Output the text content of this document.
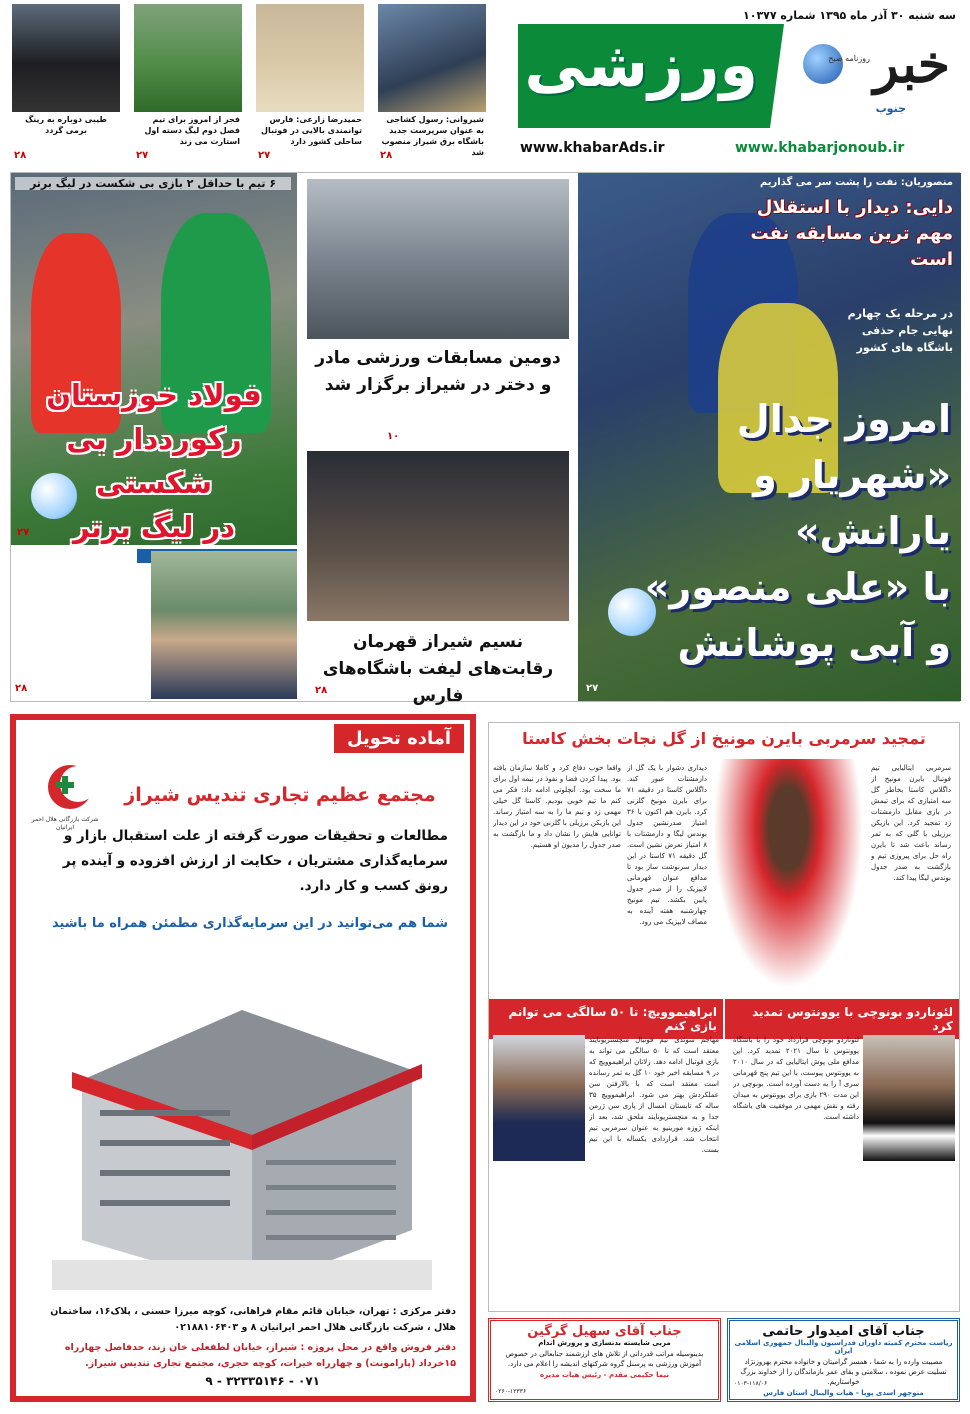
سه شنبه ۳۰ آذر ماه ۱۳۹۵ شماره ۱۰۳۷۷
خبر
روزنامه صبح
جنوب
ورزشی
www.khabarjonoub.ir
www.khabarAds.ir
شیروانی: رسول کشاجی به عنوان سرپرست جدید باشگاه برق شیراز منصوب شد
۲۸
حمیدرضا زارعی: فارس توانمندی بالایی در فوتبال ساحلی کشور دارد
۲۷
فجر از امروز برای تیم فصل دوم لیگ دسته اول استارت می زند
۲۷
طیبی دوباره به رینگ برمی گردد
۲۸
منصوریان: نفت را پشت سر می گذاریم
دایی: دیدار با استقلال مهم ترین مسابقه نفت است
در مرحله یک چهارم نهایی جام حذفی باشگاه های کشور
امروز جدال
«شهریار و یارانش»
با «علی منصور»
و آبی پوشانش
۲۷
دومین مسابقات ورزشی مادر و دختر در شیراز برگزار شد
۱۰
نسیم شیراز قهرمان رقابت‌های لیفت باشگاه‌های فارس
۲۸
۶ تیم با حداقل ۲ بازی بی شکست در لیگ برتر
فولاد خوزستان
رکورددار بی شکستی
در لیگ برتر
۲۷
۲۸
آماده تحویل
شرکت بازرگانی هلال احمر ایرانیان
مجتمع عظیم تجاری تندیس شیراز
مطالعات و تحقیقات صورت گرفته از علت استقبال بازار و سرمایه‌گذاری مشتریان ، حکایت از ارزش افزوده و آینده پر رونق کسب و کار دارد.
شما هم می‌توانید در این سرمایه‌گذاری مطمئن همراه ما باشید
دفتر مرکزی : تهران، خیابان قائم مقام فراهانی، کوچه میرزا حسنی ، پلاک۱۶، ساختمان هلال ، شرکت بازرگانی هلال احمر ایرانیان ۸ و ۰۲۱۸۸۱۰۶۴۰۳
دفتر فروش واقع در محل پروژه : شیراز، خیابان لطفعلی خان زند، حدفاصل چهارراه ۱۵خرداد (پارامونت) و چهارراه خیرات، کوچه حجری، مجتمع تجاری تندیس شیراز.
۰۷۱ - ۳۲۳۳۵۱۴۶ - ۹
تمجید سرمربی بایرن مونیخ از گل نجات بخش کاستا
سرمربی ایتالیایی تیم فوتبال بایرن مونیخ از داگلاس کاستا بخاطر گل سه امتیازی که برای تیمش در بازی مقابل دارمشتات زد تمجید کرد. این بازیکن برزیلی با گلی که به ثمر رساند باعث شد تا بایرن راه حل برای پیروزی تیم و بازگشت به صدر جدول بوندس لیگا پیدا کند.
دیداری دشوار با یک گل از دارمشتات عبور کند. داگلاس کاستا در دقیقه ۷۱ برای بایرن مونیخ گلزنی کرد. بایرن هم اکنون با ۳۶ امتیاز صدرنشین جدول بوندس لیگا و دارمشتات با ۸ امتیاز تعرض نشین است. گل دقیقه ۷۱ کاستا در این دیدار سرنوشت ساز بود تا مدافع عنوان قهرمانی لایپزیک را از صدر جدول پایین بکشد. تیم مونیخ چهارشنبه هفته آینده به مصاف لایپزیک می رود.
واقعا خوب دفاع کرد و کاملا سازمان یافته بود. پیدا کردن فضا و نفوذ در نیمه اول برای ما سخت بود. آنچلوتی ادامه داد: فکر می کنم ما تیم خوبی بودیم. کاستا گل خیلی مهمی زد و تیم ما را به سه امتیاز رساند. این بازیکن برزیلی با گلزنی خود در این دیدار توانایی هایش را نشان داد و ما بازگشت به صدر جدول را مدیون او هستیم.
لئوناردو بونوچی با یوونتوس تمدید کرد
لئوناردو بونوچی قرارداد خود را با باشگاه یوونتوس تا سال ۲۰۲۱ تمدید کرد. این مدافع ملی پوش ایتالیایی که در سال ۲۰۱۰ به یوونتوس پیوست، با این تیم پنج قهرمانی سری آ را به دست آورده است. بونوچی در این مدت ۲۹۰ بازی برای یوونتوس به میدان رفته و نقش مهمی در موفقیت های باشگاه داشته است.
ابراهیموویچ: تا ۵۰ سالگی می توانم بازی کنم
مهاجم سوئدی تیم فوتبال منچستریونایتد معتقد است که تا ۵۰ سالگی می تواند به بازی فوتبال ادامه دهد. زلاتان ابراهیموویچ که در ۹ مسابقه اخیر خود ۱۰ گل به ثمر رسانده است معتقد است که با بالارفتن سن عملکردش بهتر می شود. ابراهیموویچ ۳۵ ساله که تابستان امسال از پاری سن ژرمن جدا و به منچستریونایتد ملحق شد، بعد از اینکه ژوزه مورینیو به عنوان سرمربی تیم انتخاب شد، قراردادی یکساله با این تیم بست.
جناب آقای امیدوار حاتمی
ریاست محترم کمیته داوران فدراسیون والیبال جمهوری اسلامی ایران
مصیبت وارده را به شما ، همسر گرامیتان و خانواده محترم بهروزنژاد تسلیت عرض نموده ، سلامتی و بقای عمر بازماندگان را از خداوند بزرگ خواستاریم.
منوچهر اسدی پویا - هیات والیبال استان فارس
۰۱۰۳-۱۱۸/۰۶
جناب آقای سهیل گرگین
مربی شایسته بدنسازی و پرورش اندام
بدینوسیله مراتب قدردانی از تلاش های ارزشمند جنابعالی در خصوص آموزش ورزشی به پرسنل گروه شرکتهای اندیشه را اعلام می دارد.
نیما حکیمی مقدم - رئیس هیات مدیره
۰۲۶۰-۱۲۳۳۶
